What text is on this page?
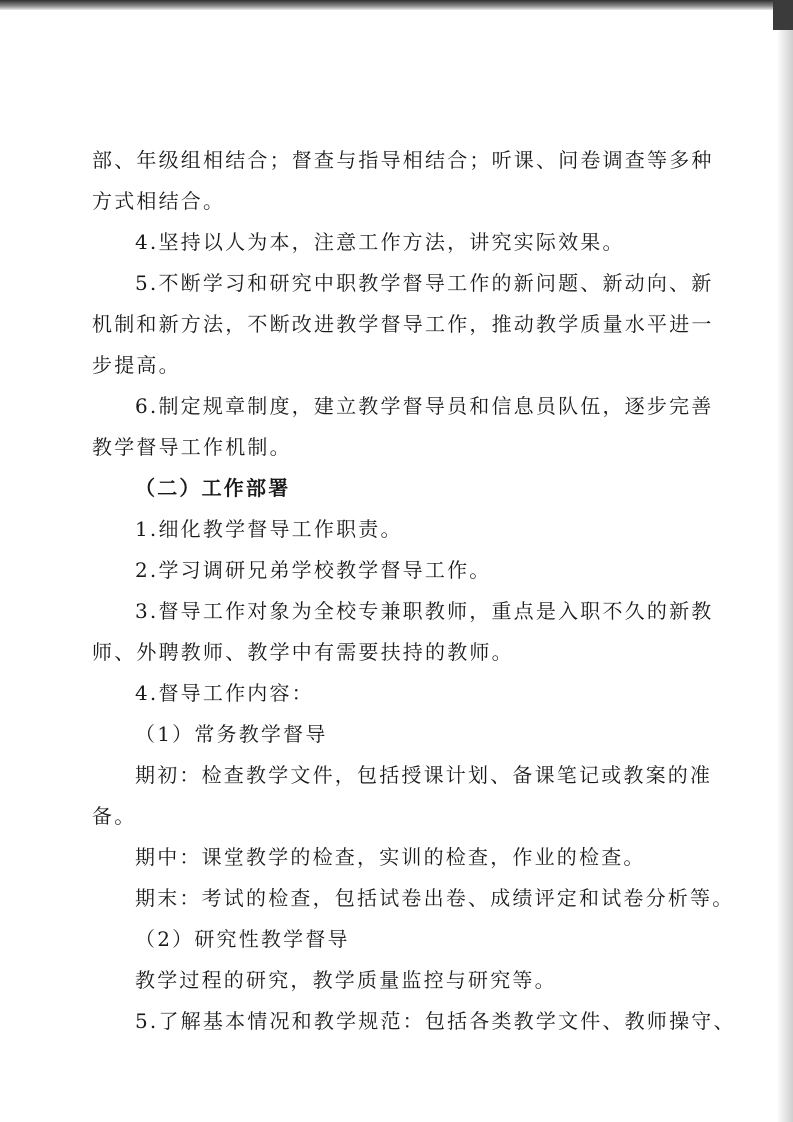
部、年级组相结合；督查与指导相结合；听课、问卷调查等多种
方式相结合。
4.坚持以人为本，注意工作方法，讲究实际效果。
5.不断学习和研究中职教学督导工作的新问题、新动向、新
机制和新方法，不断改进教学督导工作，推动教学质量水平进一
步提高。
6.制定规章制度，建立教学督导员和信息员队伍，逐步完善
教学督导工作机制。
（二）工作部署
1.细化教学督导工作职责。
2.学习调研兄弟学校教学督导工作。
3.督导工作对象为全校专兼职教师，重点是入职不久的新教
师、外聘教师、教学中有需要扶持的教师。
4.督导工作内容：
（1）常务教学督导
期初：检查教学文件，包括授课计划、备课笔记或教案的准
备。
期中：课堂教学的检查，实训的检查，作业的检查。
期末：考试的检查，包括试卷出卷、成绩评定和试卷分析等。
（2）研究性教学督导
教学过程的研究，教学质量监控与研究等。
5.了解基本情况和教学规范：包括各类教学文件、教师操守、
